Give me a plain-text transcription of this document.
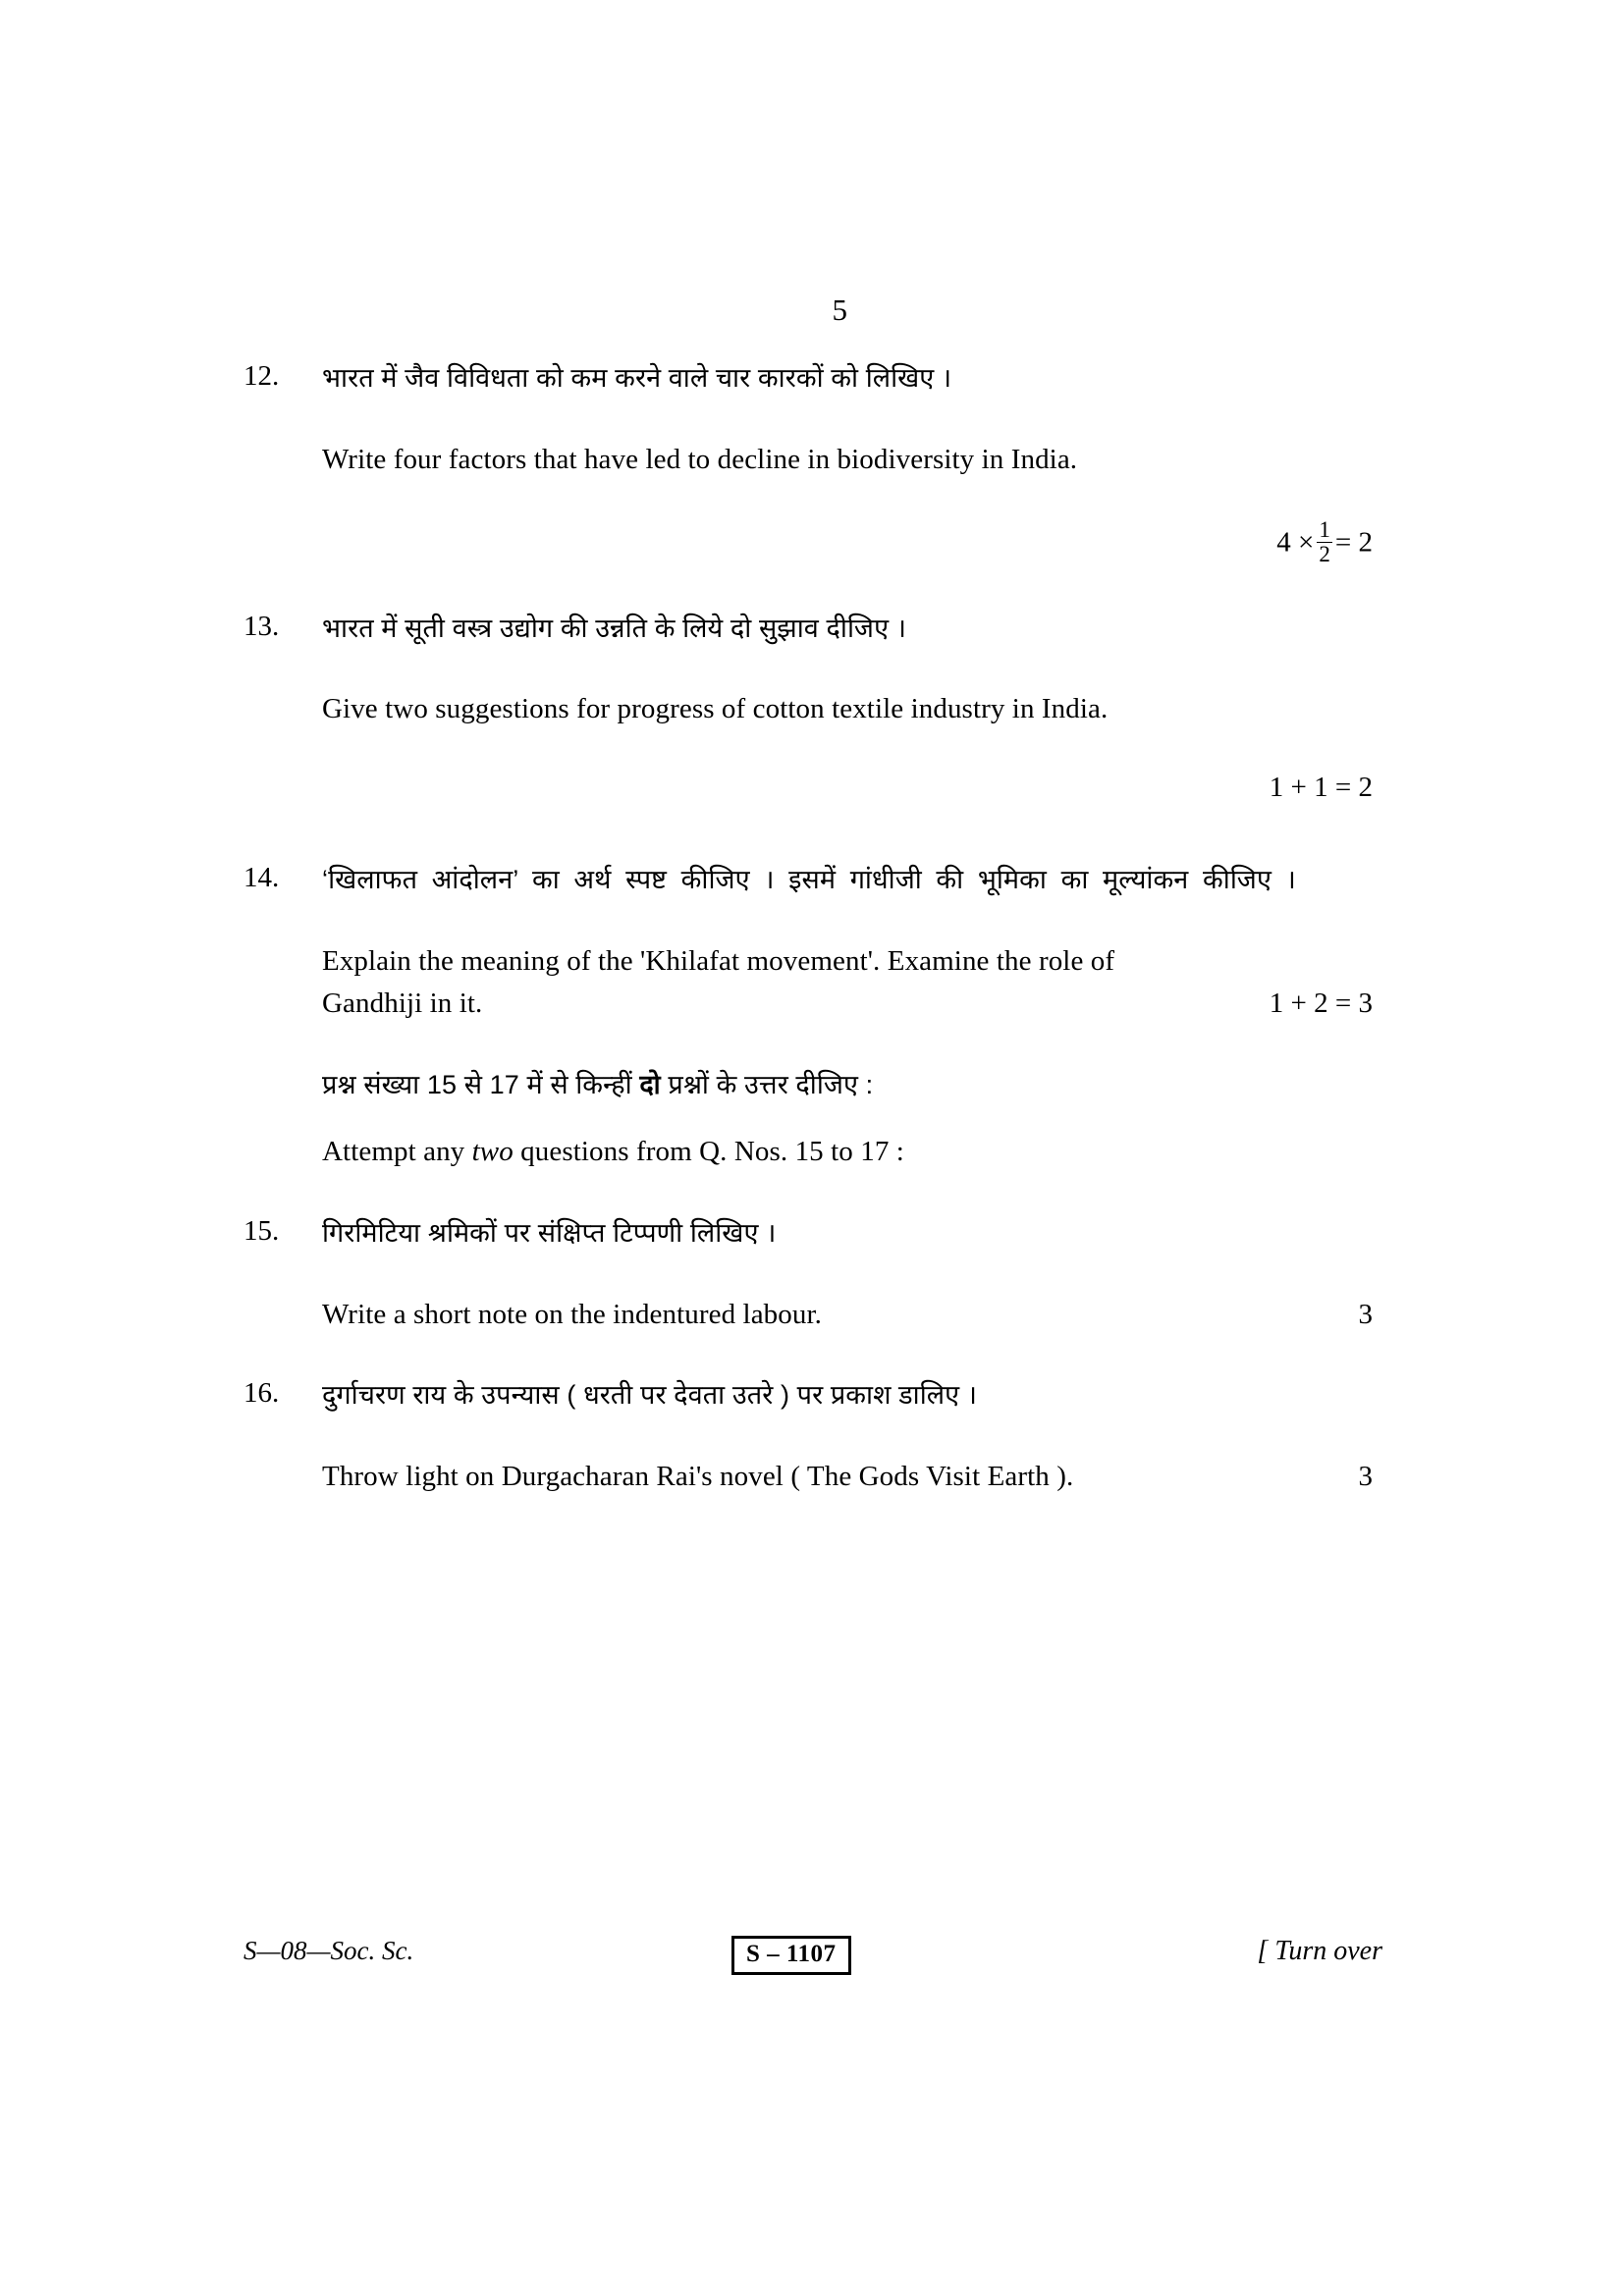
5
12.	भारत में जैव विविधता को कम करने वाले चार कारकों को लिखिए ।
Write four factors that have led to decline in biodiversity in India.
$4 \times \frac{1}{2} = 2$
13.	भारत में सूती वस्त्र उद्योग की उन्नति के लिये दो सुझाव दीजिए ।
Give two suggestions for progress of cotton textile industry in India.
1 + 1 = 2
14.	‘खिलाफत आंदोलन’ का अर्थ स्पष्ट कीजिए । इसमें गांधीजी की भूमिका का मूल्यांकन कीजिए ।
Explain the meaning of the 'Khilafat movement'. Examine the role of
Gandhiji in it.	1 + 2 = 3
प्रश्न संख्या 15 से 17 में से किन्हीं दो प्रश्नों के उत्तर दीजिए :
Attempt any two questions from Q. Nos. 15 to 17 :
15.	गिरमिटिया श्रमिकों पर संक्षिप्त टिप्पणी लिखिए ।
Write a short note on the indentured labour.	3
16.	दुर्गाचरण राय के उपन्यास ( धरती पर देवता उतरे ) पर प्रकाश डालिए ।
Throw light on Durgacharan Rai's novel ( The Gods Visit Earth ).	3
S—08—Soc. Sc.	S – 1107	[ Turn over
